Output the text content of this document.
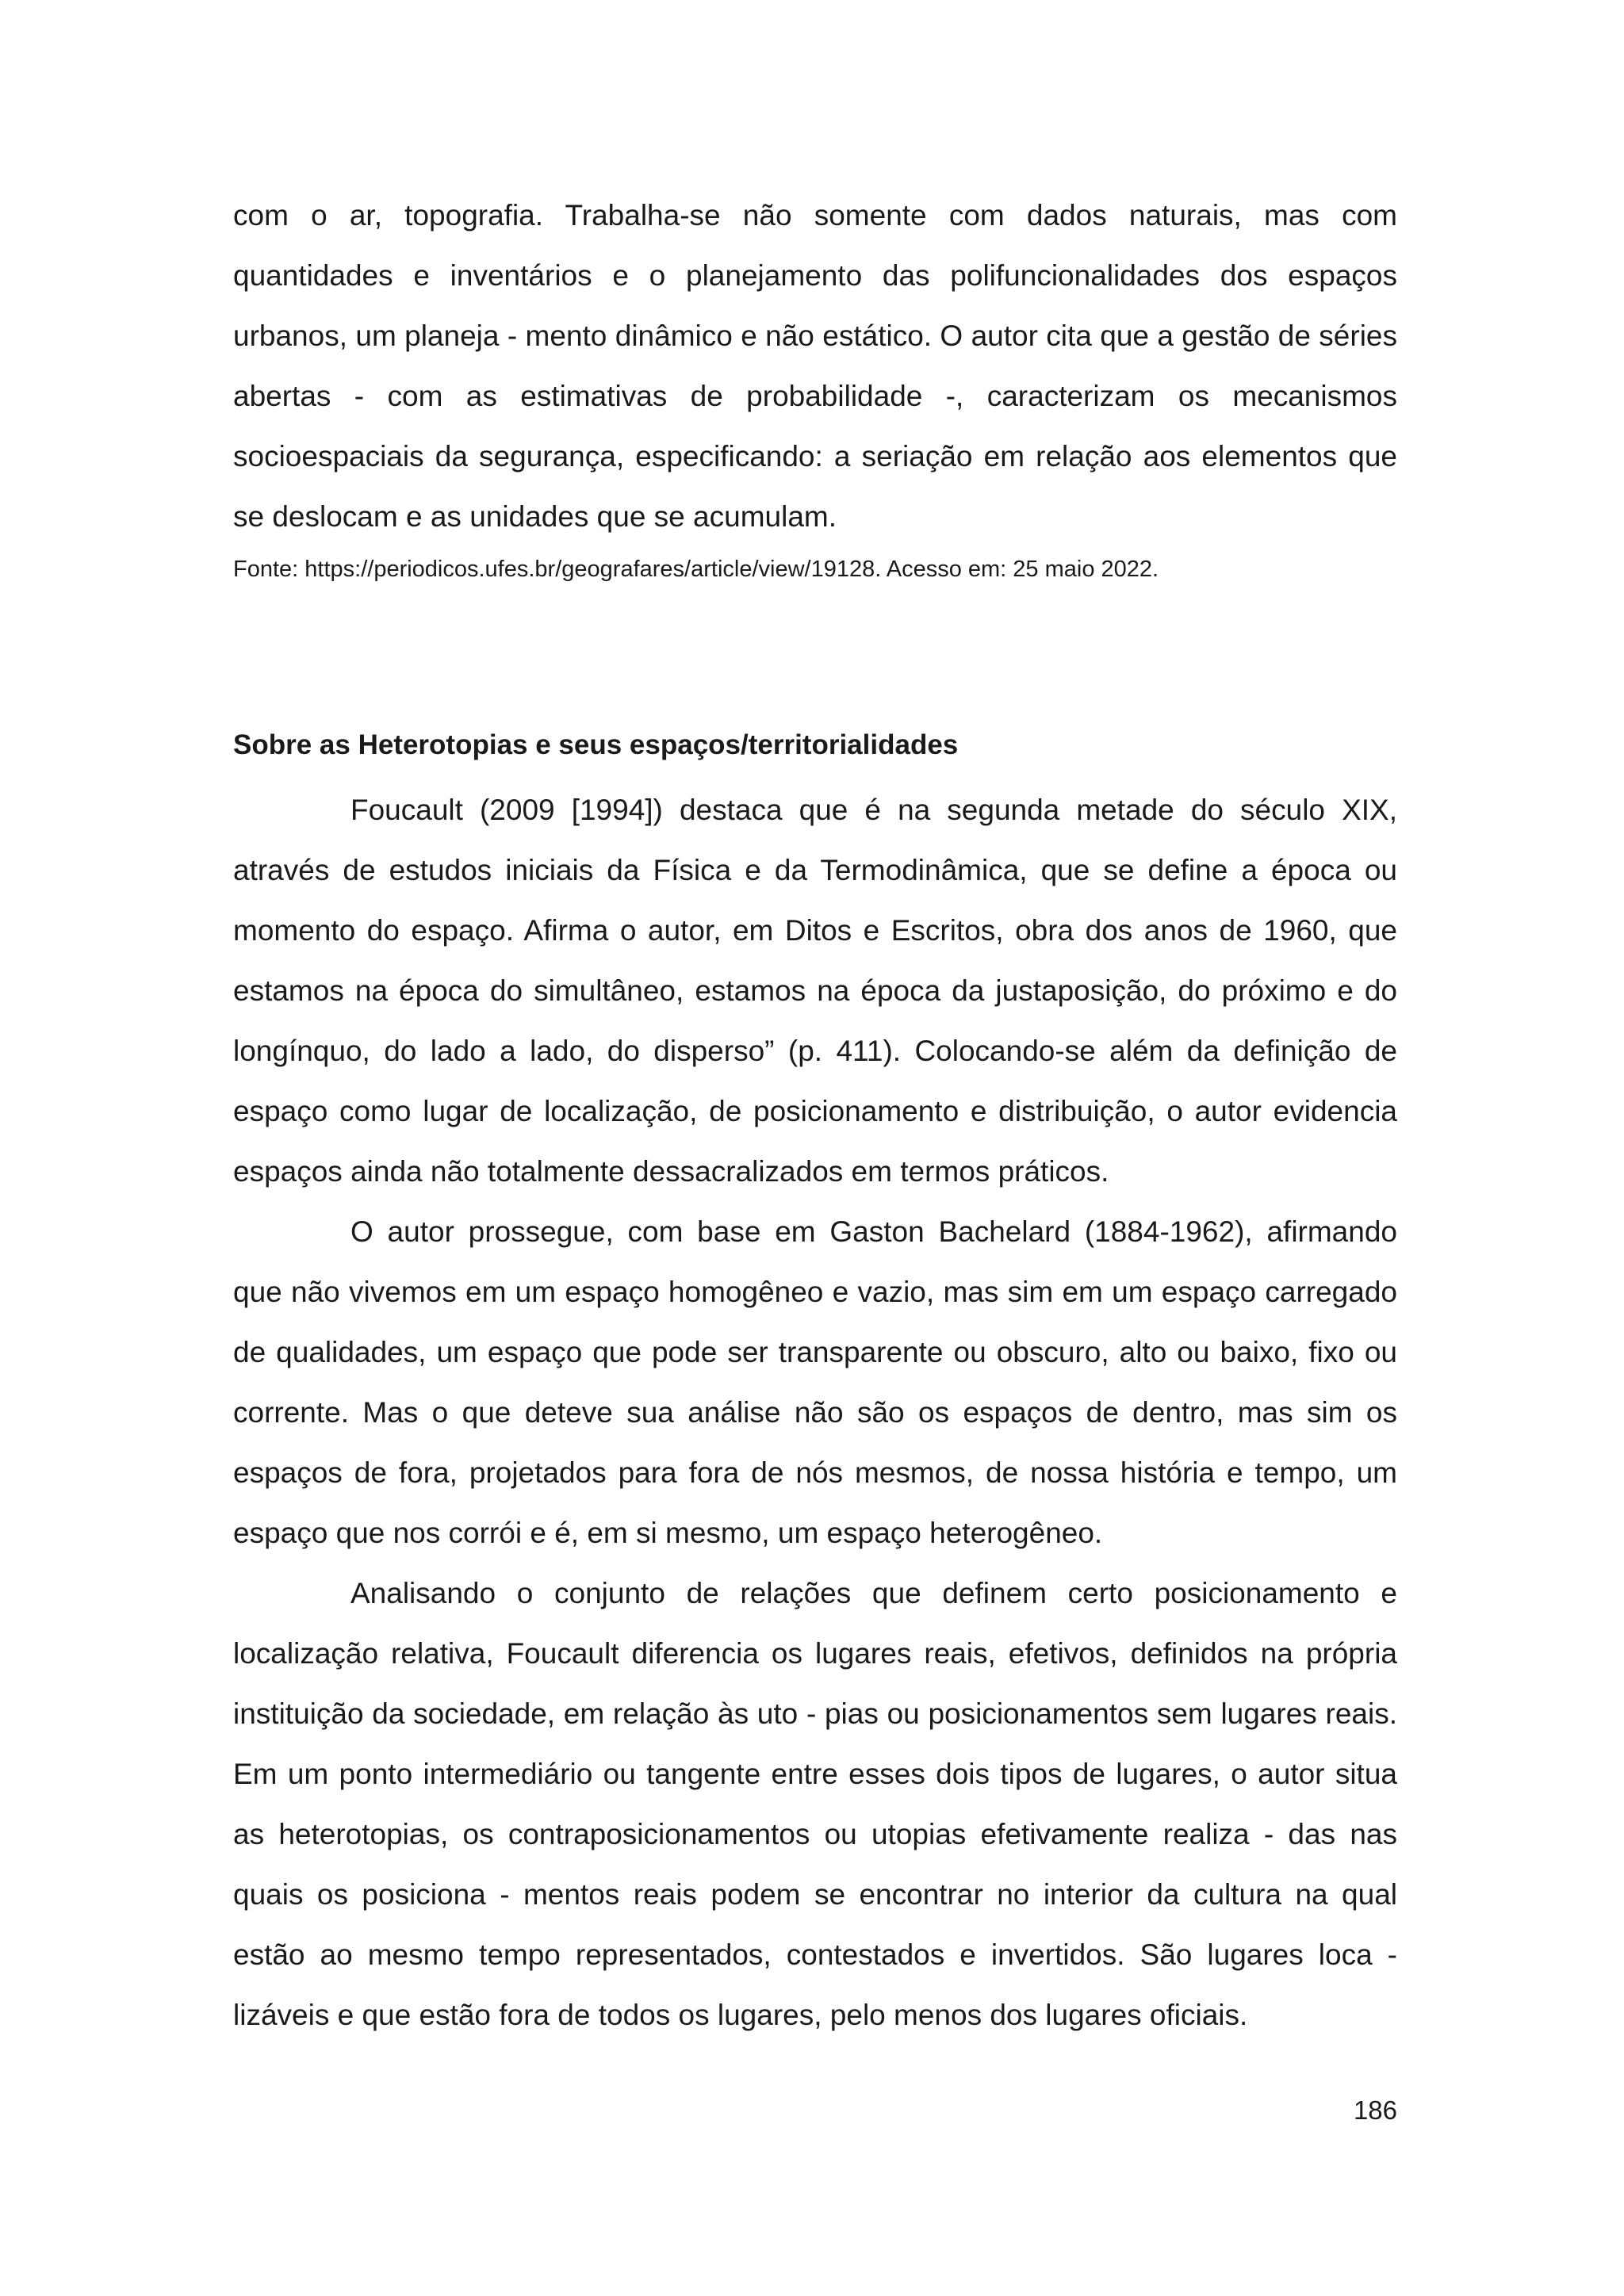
com o ar, topografia. Trabalha-se não somente com dados naturais, mas com quantidades e inventários e o planejamento das polifuncionalidades dos espaços urbanos, um planeja - mento dinâmico e não estático. O autor cita que a gestão de séries abertas - com as estimativas de probabilidade -, caracterizam os mecanismos socioespaciais da segurança, especificando: a seriação em relação aos elementos que se deslocam e as unidades que se acumulam.

Fonte: https://periodicos.ufes.br/geografares/article/view/19128. Acesso em: 25 maio 2022.

Sobre as Heterotopias e seus espaços/territorialidades

Foucault (2009 [1994]) destaca que é na segunda metade do século XIX, através de estudos iniciais da Física e da Termodinâmica, que se define a época ou momento do espaço. Afirma o autor, em Ditos e Escritos, obra dos anos de 1960, que estamos na época do simultâneo, estamos na época da justaposição, do próximo e do longínquo, do lado a lado, do disperso” (p. 411). Colocando-se além da definição de espaço como lugar de localização, de posicionamento e distribuição, o autor evidencia espaços ainda não totalmente dessacralizados em termos práticos.

O autor prossegue, com base em Gaston Bachelard (1884-1962), afirmando que não vivemos em um espaço homogêneo e vazio, mas sim em um espaço carregado de qualidades, um espaço que pode ser transparente ou obscuro, alto ou baixo, fixo ou corrente. Mas o que deteve sua análise não são os espaços de dentro, mas sim os espaços de fora, projetados para fora de nós mesmos, de nossa história e tempo, um espaço que nos corrói e é, em si mesmo, um espaço heterogêneo.

Analisando o conjunto de relações que definem certo posicionamento e localização relativa, Foucault diferencia os lugares reais, efetivos, definidos na própria instituição da sociedade, em relação às uto - pias ou posicionamentos sem lugares reais. Em um ponto intermediário ou tangente entre esses dois tipos de lugares, o autor situa as heterotopias, os contraposicionamentos ou utopias efetivamente realiza - das nas quais os posiciona - mentos reais podem se encontrar no interior da cultura na qual estão ao mesmo tempo representados, contestados e invertidos. São lugares loca - lizáveis e que estão fora de todos os lugares, pelo menos dos lugares oficiais.

186
